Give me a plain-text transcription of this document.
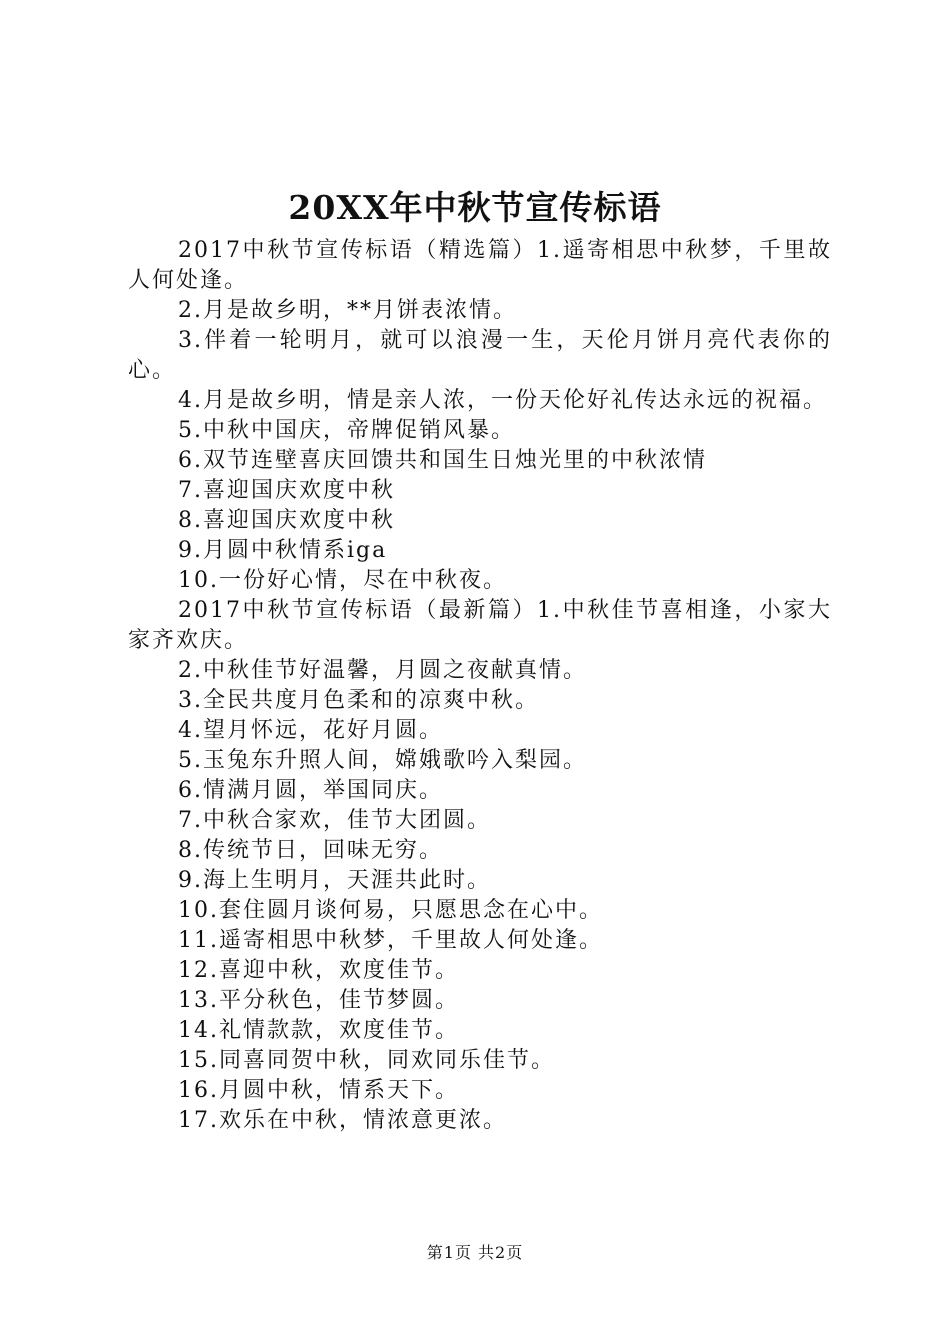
20XX年中秋节宣传标语

2017中秋节宣传标语（精选篇）1.遥寄相思中秋梦，千里故人何处逢。

2.月是故乡明，**月饼表浓情。

3.伴着一轮明月，就可以浪漫一生，天伦月饼月亮代表你的心。

4.月是故乡明，情是亲人浓，一份天伦好礼传达永远的祝福。

5.中秋中国庆，帝牌促销风暴。

6.双节连壁喜庆回馈共和国生日烛光里的中秋浓情

7.喜迎国庆欢度中秋

8.喜迎国庆欢度中秋

9.月圆中秋情系iga

10.一份好心情，尽在中秋夜。

2017中秋节宣传标语（最新篇）1.中秋佳节喜相逢，小家大家齐欢庆。

2.中秋佳节好温馨，月圆之夜献真情。

3.全民共度月色柔和的凉爽中秋。

4.望月怀远，花好月圆。

5.玉兔东升照人间，嫦娥歌吟入梨园。

6.情满月圆，举国同庆。

7.中秋合家欢，佳节大团圆。

8.传统节日，回味无穷。

9.海上生明月，天涯共此时。

10.套住圆月谈何易，只愿思念在心中。

11.遥寄相思中秋梦，千里故人何处逢。

12.喜迎中秋，欢度佳节。

13.平分秋色，佳节梦圆。

14.礼情款款，欢度佳节。

15.同喜同贺中秋，同欢同乐佳节。

16.月圆中秋，情系天下。

17.欢乐在中秋，情浓意更浓。

第1页 共2页
